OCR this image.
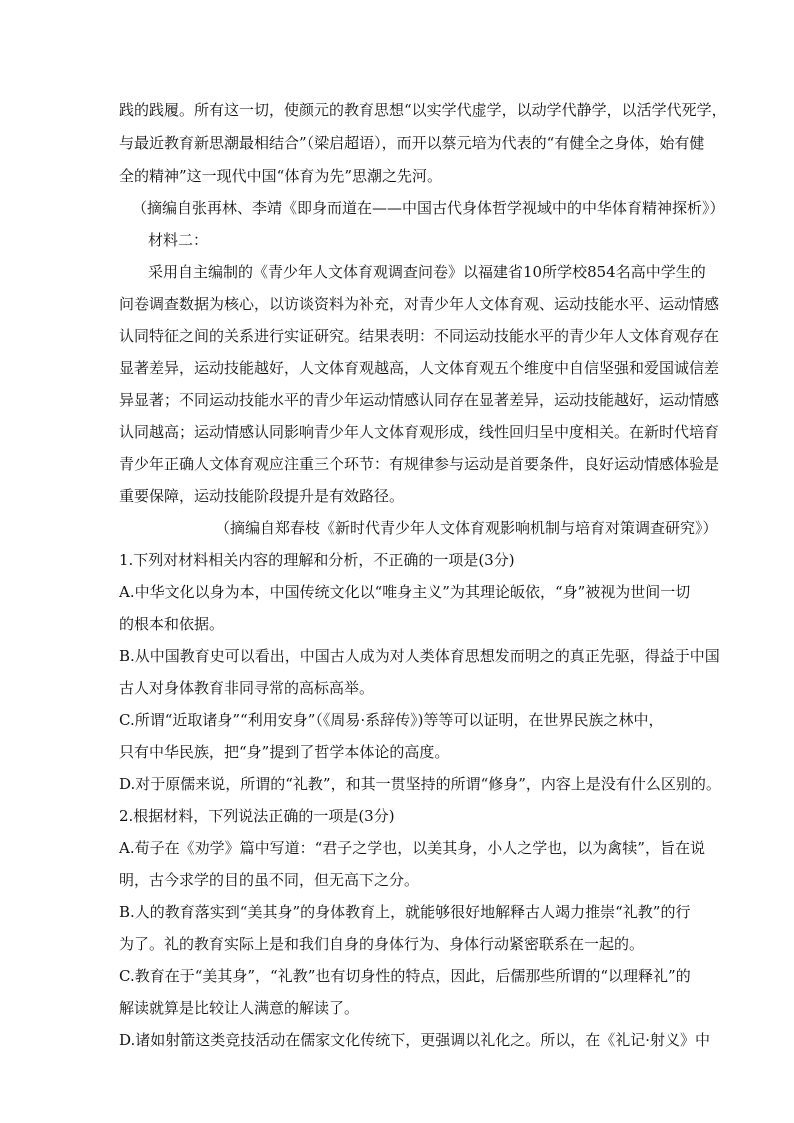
践的践履。所有这一切，使颜元的教育思想“以实学代虚学，以动学代静学，以活学代死学，
与最近教育新思潮最相结合”（梁启超语），而开以蔡元培为代表的“有健全之身体，始有健
全的精神”这一现代中国“体育为先”思潮之先河。
（摘编自张再林、李靖《即身而道在——中国古代身体哲学视域中的中华体育精神探析》）
材料二：
采用自主编制的《青少年人文体育观调查问卷》以福建省10所学校854名高中学生的
问卷调查数据为核心，以访谈资料为补充，对青少年人文体育观、运动技能水平、运动情感
认同特征之间的关系进行实证研究。结果表明：不同运动技能水平的青少年人文体育观存在
显著差异，运动技能越好，人文体育观越高，人文体育观五个维度中自信坚强和爱国诚信差
异显著；不同运动技能水平的青少年运动情感认同存在显著差异，运动技能越好，运动情感
认同越高；运动情感认同影响青少年人文体育观形成，线性回归呈中度相关。在新时代培育
青少年正确人文体育观应注重三个环节：有规律参与运动是首要条件，良好运动情感体验是
重要保障，运动技能阶段提升是有效路径。
（摘编自郑春枝《新时代青少年人文体育观影响机制与培育对策调查研究》）
1.下列对材料相关内容的理解和分析，不正确的一项是(3分)
A.中华文化以身为本，中国传统文化以“唯身主义”为其理论皈依，“身”被视为世间一切
的根本和依据。
B.从中国教育史可以看出，中国古人成为对人类体育思想发而明之的真正先驱，得益于中国
古人对身体教育非同寻常的高标高举。
C.所谓“近取诸身”“利用安身”（《周易·系辞传》)等等可以证明，在世界民族之林中，
只有中华民族，把“身”提到了哲学本体论的高度。
D.对于原儒来说，所谓的“礼教”，和其一贯坚持的所谓“修身”，内容上是没有什么区别的。
2.根据材料，下列说法正确的一项是(3分)
A.荀子在《劝学》篇中写道：“君子之学也，以美其身，小人之学也，以为禽犊”，旨在说
明，古今求学的目的虽不同，但无高下之分。
B.人的教育落实到“美其身”的身体教育上，就能够很好地解释古人竭力推崇“礼教”的行
为了。礼的教育实际上是和我们自身的身体行为、身体行动紧密联系在一起的。
C.教育在于“美其身”，“礼教”也有切身性的特点，因此，后儒那些所谓的“以理释礼”的
解读就算是比较让人满意的解读了。
D.诸如射箭这类竞技活动在儒家文化传统下，更强调以礼化之。所以，在《礼记·射义》中
